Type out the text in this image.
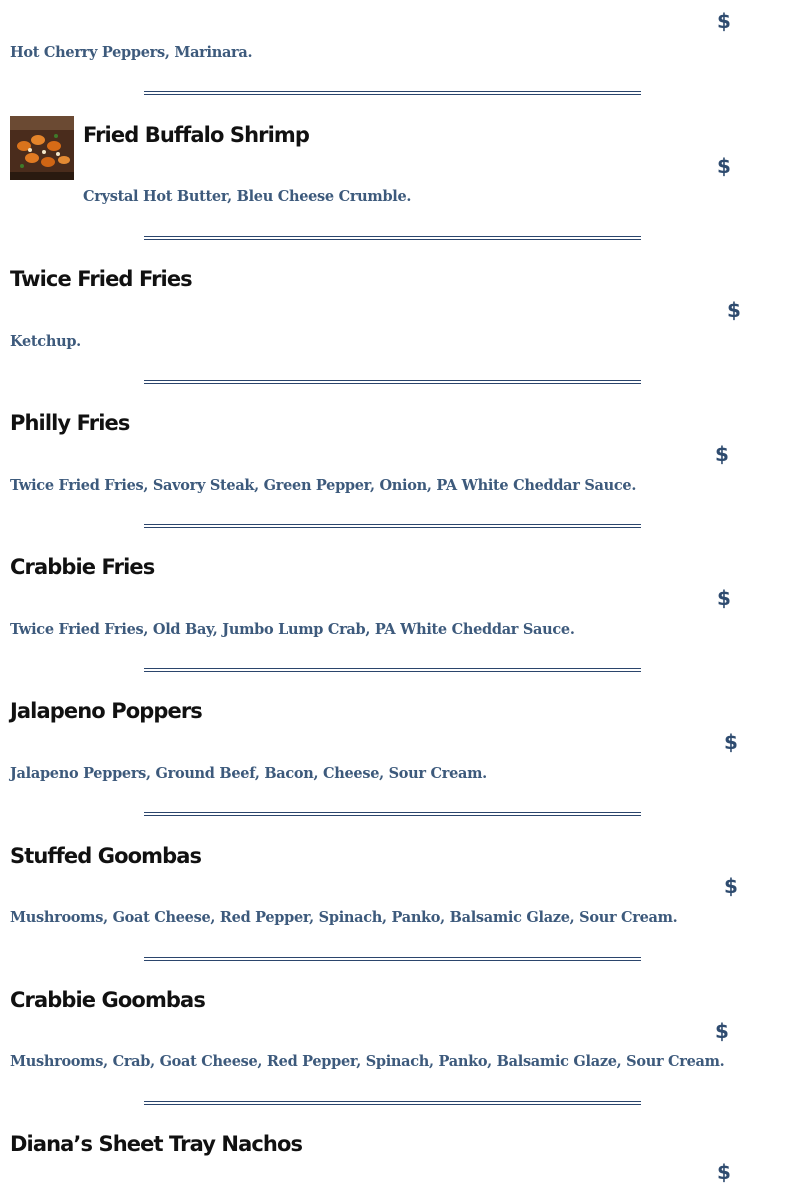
$

Hot Cherry Peppers, Marinara.

Fried Buffalo Shrimp
$

Crystal Hot Butter, Bleu Cheese Crumble.

Twice Fried Fries
$

Ketchup.

Philly Fries
$

Twice Fried Fries, Savory Steak, Green Pepper, Onion, PA White Cheddar Sauce.

Crabbie Fries
$

Twice Fried Fries, Old Bay, Jumbo Lump Crab, PA White Cheddar Sauce.

Jalapeno Poppers
$

Jalapeno Peppers, Ground Beef, Bacon, Cheese, Sour Cream.

Stuffed Goombas
$

Mushrooms, Goat Cheese, Red Pepper, Spinach, Panko, Balsamic Glaze, Sour Cream.

Crabbie Goombas
$

Mushrooms, Crab, Goat Cheese, Red Pepper, Spinach, Panko, Balsamic Glaze, Sour Cream.

Diana’s Sheet Tray Nachos
$
